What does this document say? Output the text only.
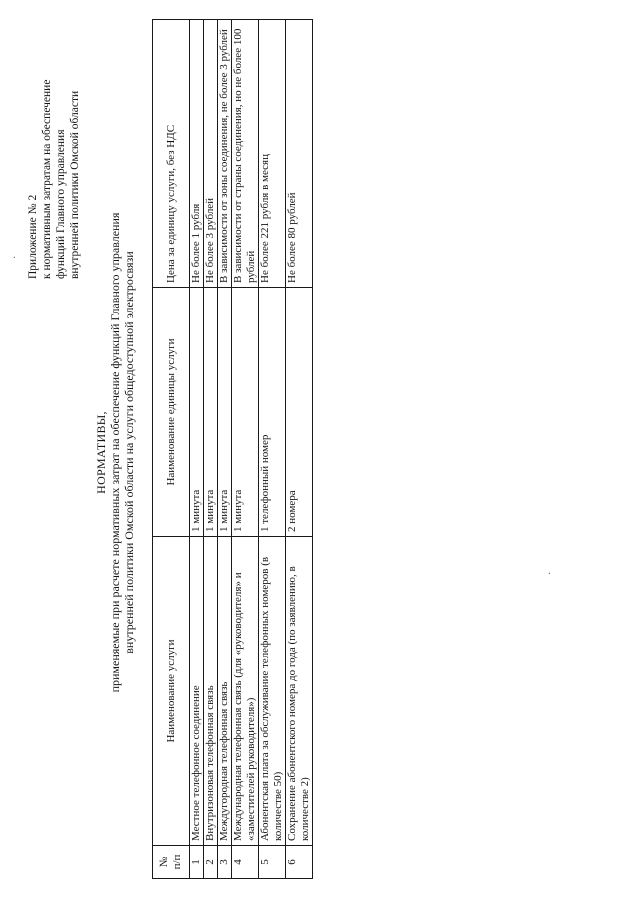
Приложение № 2 к нормативным затратам на обеспечение функций Главного управления внутренней политики Омской области
НОРМАТИВЫ, применяемые при расчете нормативных затрат на обеспечение функций Главного управления внутренней политики Омской области на услуги общедоступной электросвязи
№ п/п	Наименование услуги	Наименование единицы услуги	Цена за единицу услуги, без НДС
1	Местное телефонное соединение	1 минута	Не более 1 рубля
2	Внутризоновая телефонная связь	1 минута	Не более 3 рублей
3	Междугородная телефонная связь	1 минута	В зависимости от зоны соединения, не более 3 рублей
4	Международная телефонная связь (для «руководителя» и «заместителей руководителя»)	1 минута	В зависимости от страны соединения, но не более 100 рублей
5	Абонентская плата за обслуживание телефонных номеров (в количестве 50)	1 телефонный номер	Не более 221 рубля в месяц
6	Сохранение абонентского номера до года (по заявлению, в количестве 2)	2 номера	Не более 80 рублей
·
·
